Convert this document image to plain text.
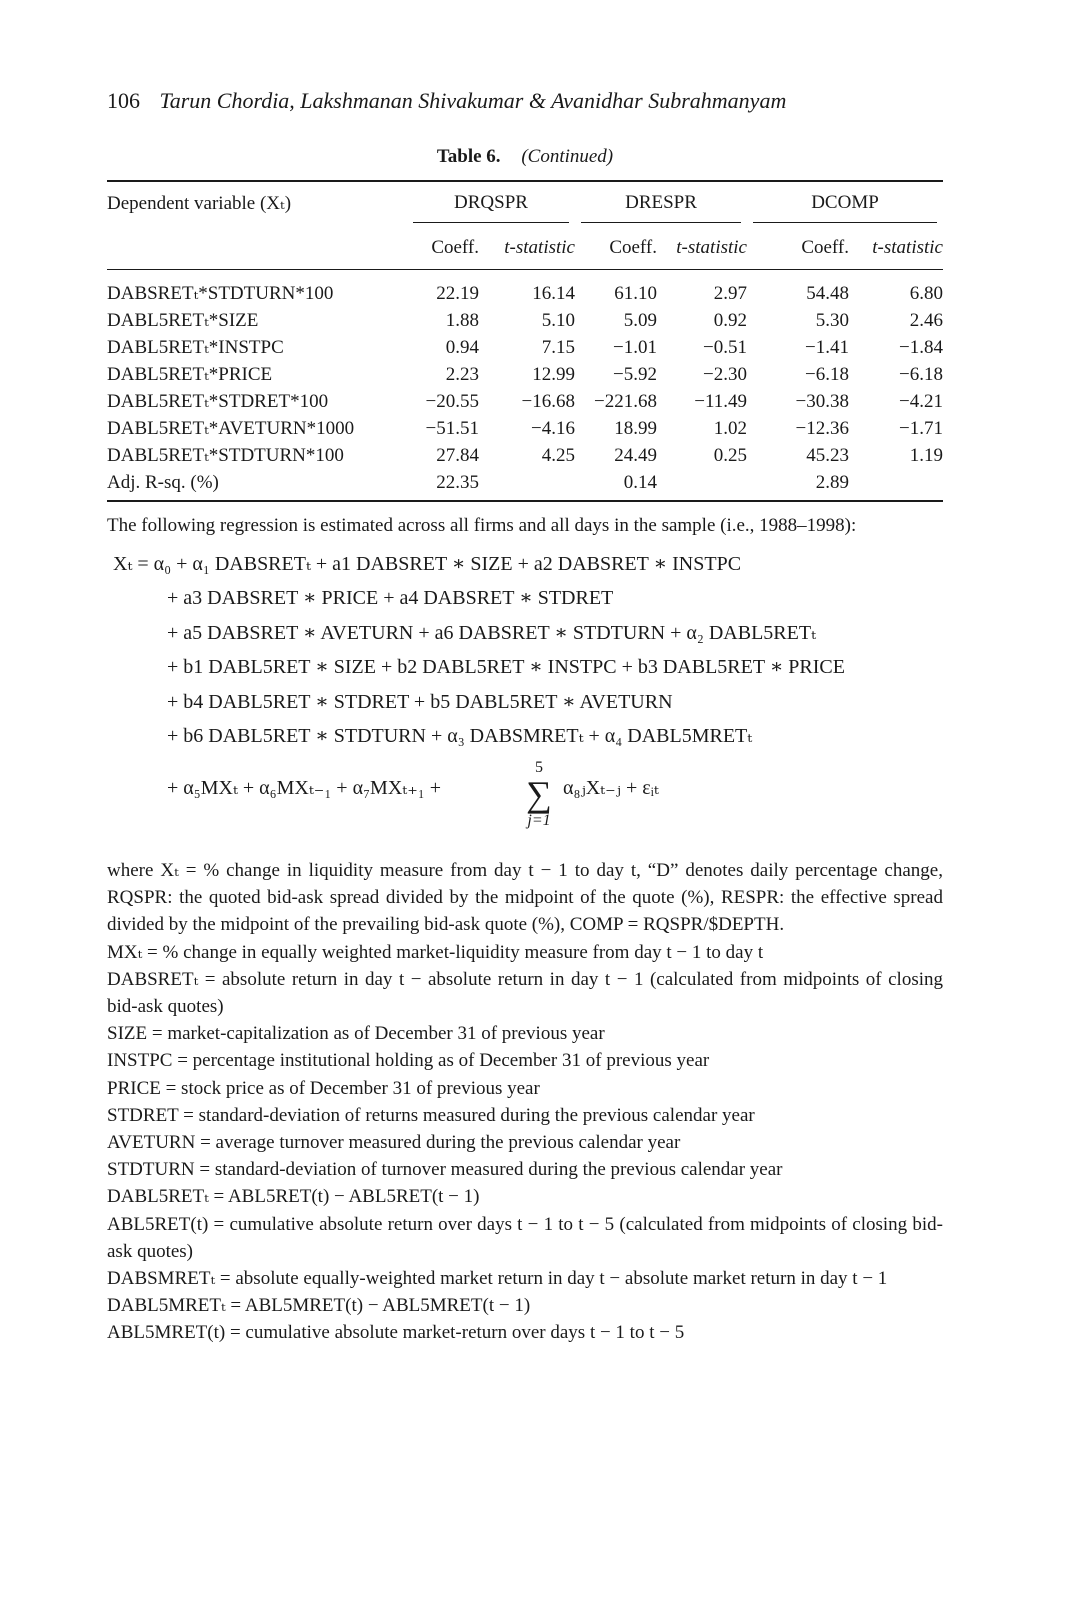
106 Tarun Chordia, Lakshmanan Shivakumar & Avanidhar Subrahmanyam
Table 6. (Continued)
Dependent variable (Xₜ)	DRQSPR		DRESPR		DCOMP	

	Coeff.	t-statistic	Coeff.	t-statistic	Coeff.	t-statistic
DABSRETₜ*STDTURN*100	22.19	16.14	61.10	2.97	54.48	6.80
DABL5RETₜ*SIZE	1.88	5.10	5.09	0.92	5.30	2.46
DABL5RETₜ*INSTPC	0.94	7.15	−1.01	−0.51	−1.41	−1.84
DABL5RETₜ*PRICE	2.23	12.99	−5.92	−2.30	−6.18	−6.18
DABL5RETₜ*STDRET*100	−20.55	−16.68	−221.68	−11.49	−30.38	−4.21
DABL5RETₜ*AVETURN*1000	−51.51	−4.16	18.99	1.02	−12.36	−1.71
DABL5RETₜ*STDTURN*100	27.84	4.25	24.49	0.25	45.23	1.19
Adj. R-sq. (%)	22.35		0.14		2.89	
The following regression is estimated across all firms and all days in the sample (i.e., 1988–1998):
Xₜ = α₀ + α₁ DABSRETₜ + a1 DABSRET ∗ SIZE + a2 DABSRET ∗ INSTPC
+ a3 DABSRET ∗ PRICE + a4 DABSRET ∗ STDRET
+ a5 DABSRET ∗ AVETURN + a6 DABSRET ∗ STDTURN + α₂ DABL5RETₜ
+ b1 DABL5RET ∗ SIZE + b2 DABL5RET ∗ INSTPC + b3 DABL5RET ∗ PRICE
+ b4 DABL5RET ∗ STDRET + b5 DABL5RET ∗ AVETURN
+ b6 DABL5RET ∗ STDTURN + α₃ DABSMRETₜ + α₄ DABL5MRETₜ
+ α₅MXₜ + α₆MXₜ₋₁ + α₇MXₜ₊₁ +
5
∑
j=1
α₈ⱼXₜ₋ⱼ + εᵢₜ
where Xₜ = % change in liquidity measure from day t − 1 to day t, “D” denotes daily percentage change, RQSPR: the quoted bid-ask spread divided by the midpoint of the quote (%), RESPR: the effective spread divided by the midpoint of the prevailing bid-ask quote (%), COMP = RQSPR/$DEPTH.
MXₜ = % change in equally weighted market-liquidity measure from day t − 1 to day t
DABSRETₜ = absolute return in day t − absolute return in day t − 1 (calculated from midpoints of closing bid-ask quotes)
SIZE = market-capitalization as of December 31 of previous year
INSTPC = percentage institutional holding as of December 31 of previous year
PRICE = stock price as of December 31 of previous year
STDRET = standard-deviation of returns measured during the previous calendar year
AVETURN = average turnover measured during the previous calendar year
STDTURN = standard-deviation of turnover measured during the previous calendar year
DABL5RETₜ = ABL5RET(t) − ABL5RET(t − 1)
ABL5RET(t) = cumulative absolute return over days t − 1 to t − 5 (calculated from midpoints of closing bid-ask quotes)
DABSMRETₜ = absolute equally-weighted market return in day t − absolute market return in day t − 1
DABL5MRETₜ = ABL5MRET(t) − ABL5MRET(t − 1)
ABL5MRET(t) = cumulative absolute market-return over days t − 1 to t − 5
